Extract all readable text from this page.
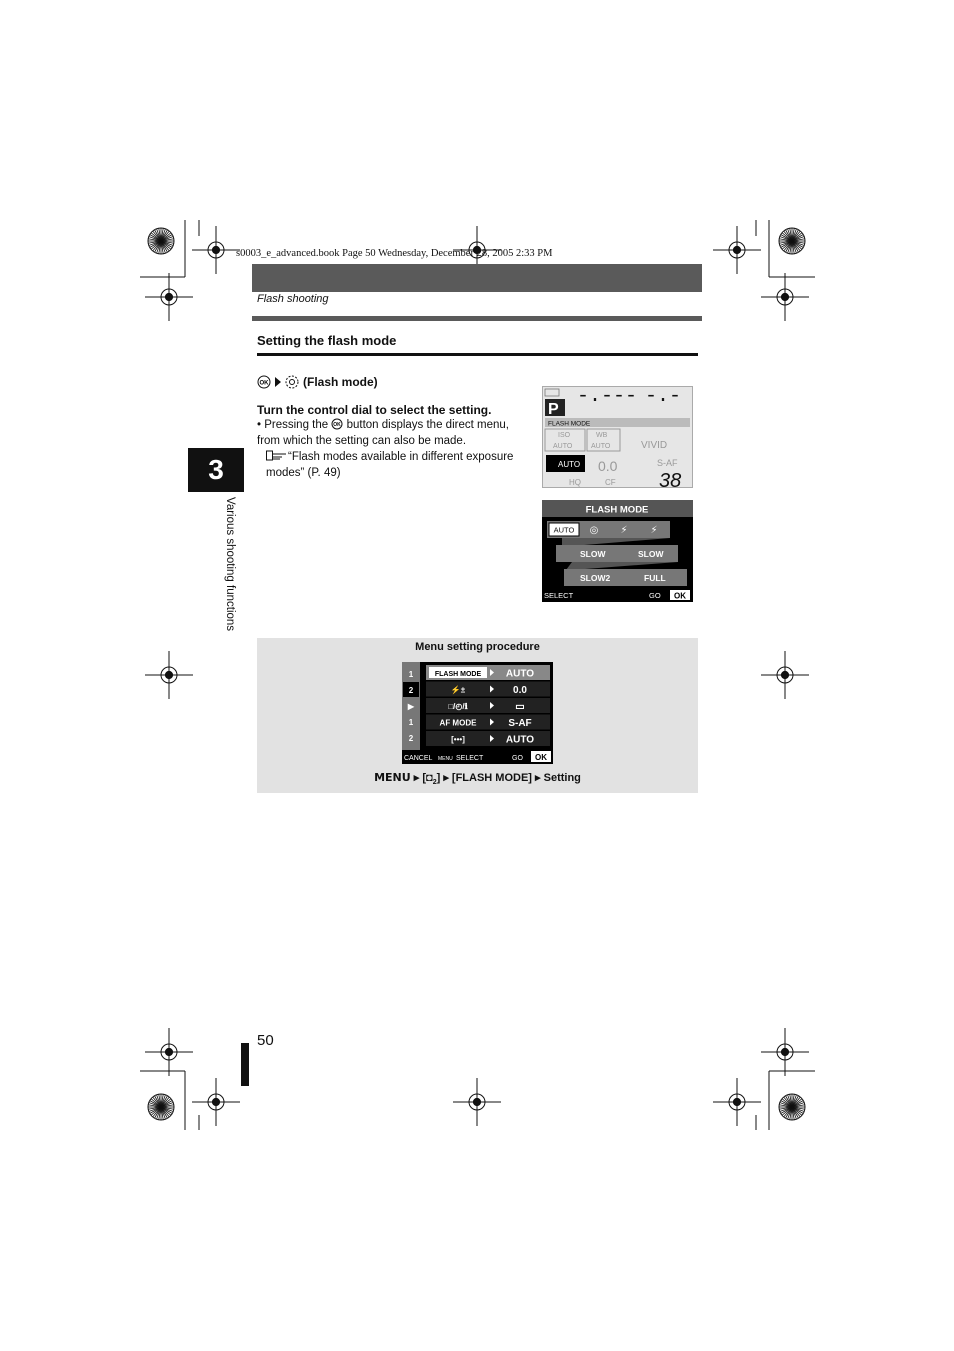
s0003_e_advanced.book Page 50 Wednesday, December 28, 2005 2:33 PM
Flash shooting
Setting the flash mode
3
Various shooting functions
OK	(Flash mode)
Turn the control dial to select the setting.
• Pressing the OK button displays the direct menu, from which the setting can also be made.
“Flash modes available in different exposure modes” (P. 49)
P
-.--- -.-
FLASH MODE
ISO
AUTO
WB
AUTO	VIVID
AUTO 0.0	S-AF
HQ	CF 38
FLASH MODE
AUTO ◎ ⚡ ⚡
SLOW	SLOW
SLOW2	FULL
SELECT	GO OK
Menu setting procedure
1
2
▶
1
2
FLASH MODE AUTO
⚡±	0.0
□/◴/ℹ	▭
AF MODE	S-AF
[•••]	AUTO
CANCEL MENU SELECT	GO OK
MENU ▸ $[◘_2]$ ▸ [FLASH MODE] ▸ Setting
50
